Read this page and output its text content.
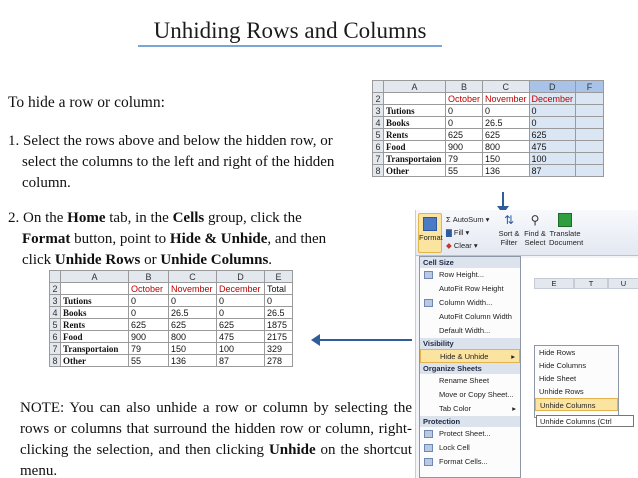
Unhiding Rows and Columns
To hide a row or column:
1. Select the rows above and below the hidden row, or
select the columns to the left and right of the hidden
column.
2. On the Home tab, in the Cells group, click the
Format button, point to Hide & Unhide, and then
click Unhide Rows or Unhide Columns.
NOTE: You can also unhide a row or column by selecting the rows or columns that surround the hidden row or column, right-clicking the selection, and then clicking Unhide on the shortcut menu.
	A	B	C	D	F
2		October	November	December	
3	Tutions	0	0	0	
4	Books	0	26.5	0	
5	Rents	625	625	625	
6	Food	900	800	475	
7	Transportaion	79	150	100	
8	Other	55	136	87	
E	T	U
Format
Σ AutoSum ▾
▇ Fill ▾
◆ Clear ▾
⇅
Sort &
Filter
⚲
Find &
Select
Translate
Document
Cell Size
Row Height...
AutoFit Row Height
Column Width...
AutoFit Column Width
Default Width...
Visibility
Hide & Unhide	▸
Organize Sheets
Rename Sheet
Move or Copy Sheet...
Tab Color	▸
Protection
Protect Sheet...
Lock Cell
Format Cells...
Hide Rows
Hide Columns
Hide Sheet
Unhide Rows
Unhide Columns
Unhide Columns (Ctrl
	A	B	C	D	E
2		October	November	December	Total
3	Tutions	0	0	0	0
4	Books	0	26.5	0	26.5
5	Rents	625	625	625	1875
6	Food	900	800	475	2175
7	Transportaion	79	150	100	329
8	Other	55	136	87	278
